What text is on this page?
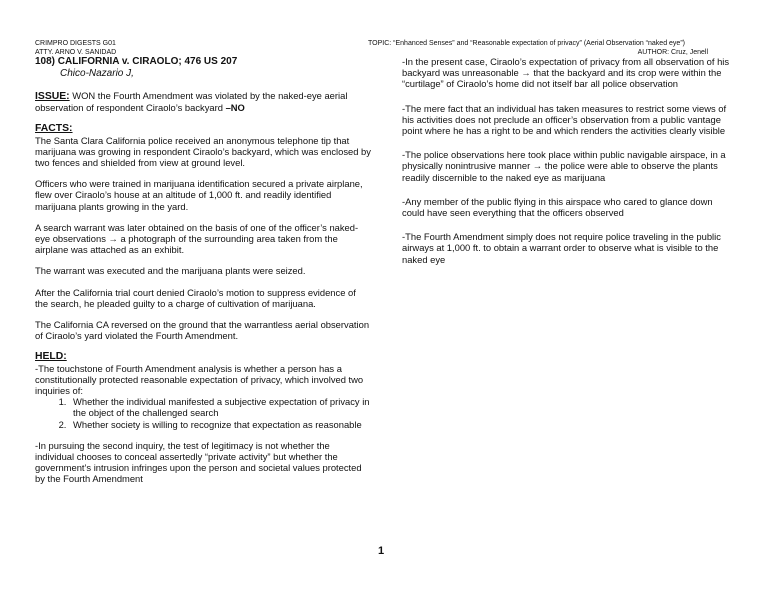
CRIMPRO DIGESTS G01
ATTY. ARNO V. SANIDAD
TOPIC: “Enhanced Senses” and “Reasonable expectation of privacy” (Aerial Observation “naked eye”)
AUTHOR: Cruz, Jenell
108) CALIFORNIA v. CIRAOLO; 476 US 207
Chico-Nazario J,

ISSUE: WON the Fourth Amendment was violated by the naked-eye aerial observation of respondent Ciraolo’s backyard –NO

FACTS:

The Santa Clara California police received an anonymous telephone tip that marijuana was growing in respondent Ciraolo’s backyard, which was enclosed by two fences and shielded from view at ground level.

Officers who were trained in marijuana identification secured a private airplane, flew over Ciraolo’s house at an altitude of 1,000 ft. and readily identified marijuana plants growing in the yard.

A search warrant was later obtained on the basis of one of the officer’s naked-eye observations → a photograph of the surrounding area taken from the airplane was attached as an exhibit.

The warrant was executed and the marijuana plants were seized.

After the California trial court denied Ciraolo’s motion to suppress evidence of the search, he pleaded guilty to a charge of cultivation of marijuana.

The California CA reversed on the ground that the warrantless aerial observation of Ciraolo’s yard violated the Fourth Amendment.

HELD:

-The touchstone of Fourth Amendment analysis is whether a person has a constitutionally protected reasonable expectation of privacy, which involved two inquiries of:

1. Whether the individual manifested a subjective expectation of privacy in the object of the challenged search
2. Whether society is willing to recognize that expectation as reasonable

-In pursuing the second inquiry, the test of legitimacy is not whether the individual chooses to conceal assertedly “private activity” but whether the government’s intrusion infringes upon the person and societal values protected by the Fourth Amendment

-In the present case, Ciraolo’s expectation of privacy from all observation of his backyard was unreasonable → that the backyard and its crop were within the “curtilage” of Ciraolo’s home did not itself bar all police observation

-The mere fact that an individual has taken measures to restrict some views of his activities does not preclude an officer’s observation from a public vantage point where he has a right to be and which renders the activities clearly visible

-The police observations here took place within public navigable airspace, in a physically nonintrusive manner → the police were able to observe the plants readily discernible to the naked eye as marijuana

-Any member of the public flying in this airspace who cared to glance down could have seen everything that the officers observed

-The Fourth Amendment simply does not require police traveling in the public airways at 1,000 ft. to obtain a warrant order to observe what is visible to the naked eye

1
